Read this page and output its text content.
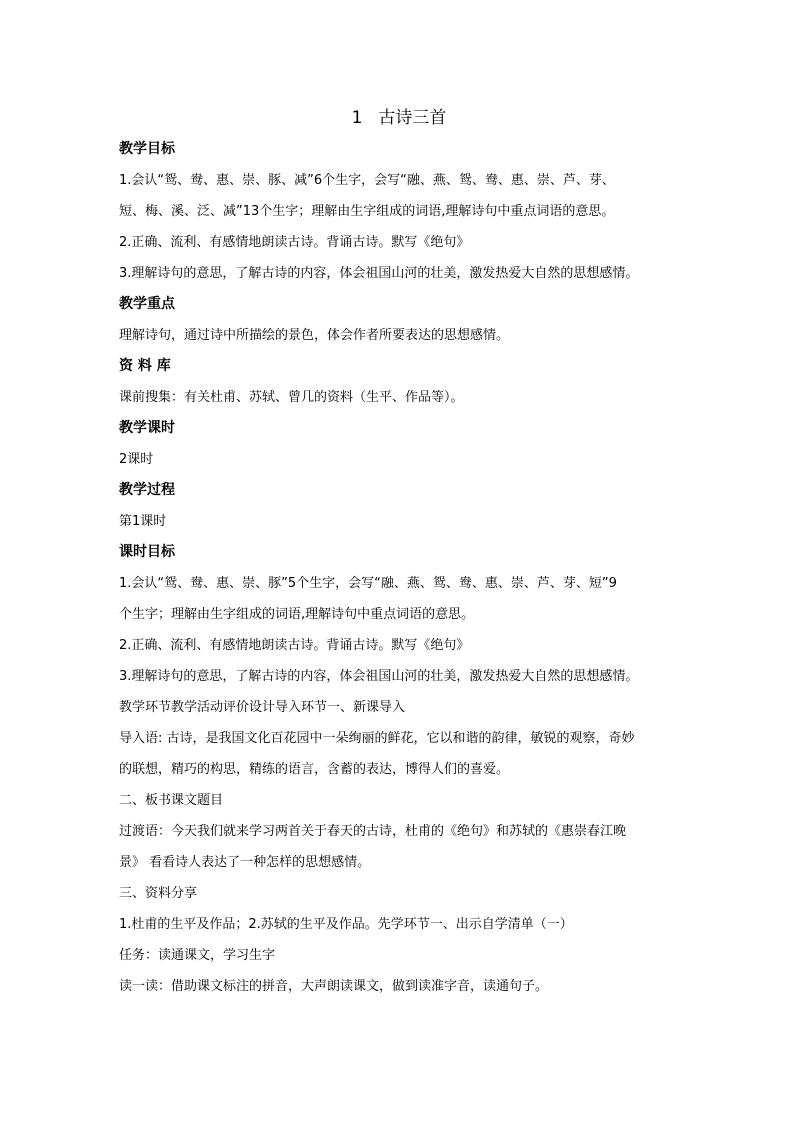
1 古诗三首
教学目标
1.会认“鸳、鸯、惠、崇、豚、减”6个生字，会写“融、燕、鸳、鸯、惠、崇、芦、芽、
短、梅、溪、泛、减”13个生字；理解由生字组成的词语,理解诗句中重点词语的意思。
2.正确、流利、有感情地朗读古诗。背诵古诗。默写《绝句》
3.理解诗句的意思，了解古诗的内容，体会祖国山河的壮美，激发热爱大自然的思想感情。
教学重点
理解诗句，通过诗中所描绘的景色，体会作者所要表达的思想感情。
资 料 库
课前搜集：有关杜甫、苏轼、曾几的资料（生平、作品等）。
教学课时
2课时
教学过程
第1课时
课时目标
1.会认“鸳、鸯、惠、崇、豚”5个生字，会写“融、燕、鸳、鸯、惠、崇、芦、芽、短”9
个生字；理解由生字组成的词语,理解诗句中重点词语的意思。
2.正确、流利、有感情地朗读古诗。背诵古诗。默写《绝句》
3.理解诗句的意思，了解古诗的内容，体会祖国山河的壮美，激发热爱大自然的思想感情。
教学环节教学活动评价设计导入环节一、新课导入
导入语: 古诗，是我国文化百花园中一朵绚丽的鲜花，它以和谐的韵律，敏锐的观察，奇妙
的联想，精巧的构思，精练的语言，含蓄的表达，博得人们的喜爱。
二、板书课文题目
过渡语：今天我们就来学习两首关于春天的古诗，杜甫的《绝句》和苏轼的《惠崇春江晚
景》 看看诗人表达了一种怎样的思想感情。
三、资料分享
1.杜甫的生平及作品；2.苏轼的生平及作品。先学环节一、出示自学清单（一）
任务：读通课文，学习生字
读一读：借助课文标注的拼音，大声朗读课文，做到读准字音，读通句子。
